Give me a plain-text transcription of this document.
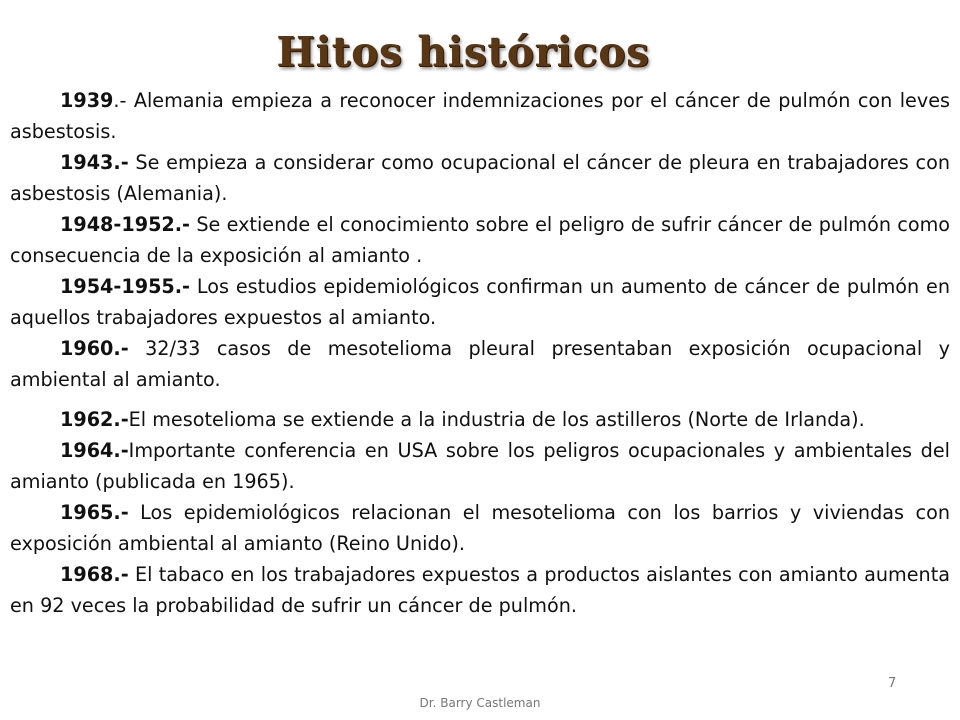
Hitos históricos

1939.- Alemania empieza a reconocer indemnizaciones por el cáncer de pulmón con leves asbestosis.

1943.- Se empieza a considerar como ocupacional el cáncer de pleura en trabajadores con asbestosis (Alemania).

1948-1952.- Se extiende el conocimiento sobre el peligro de sufrir cáncer de pulmón como consecuencia de la exposición al amianto .

1954-1955.- Los estudios epidemiológicos confirman un aumento de cáncer de pulmón en aquellos trabajadores expuestos al amianto.

1960.- 32/33 casos de mesotelioma pleural presentaban exposición ocupacional y ambiental al amianto.

1962.-El mesotelioma se extiende a la industria de los astilleros (Norte de Irlanda).

1964.-Importante conferencia en USA sobre los peligros ocupacionales y ambientales del amianto (publicada en 1965).

1965.- Los epidemiológicos relacionan el mesotelioma con los barrios y viviendas con exposición ambiental al amianto (Reino Unido).

1968.- El tabaco en los trabajadores expuestos a productos aislantes con amianto aumenta en 92 veces la probabilidad de sufrir un cáncer de pulmón.

7
Dr. Barry Castleman
